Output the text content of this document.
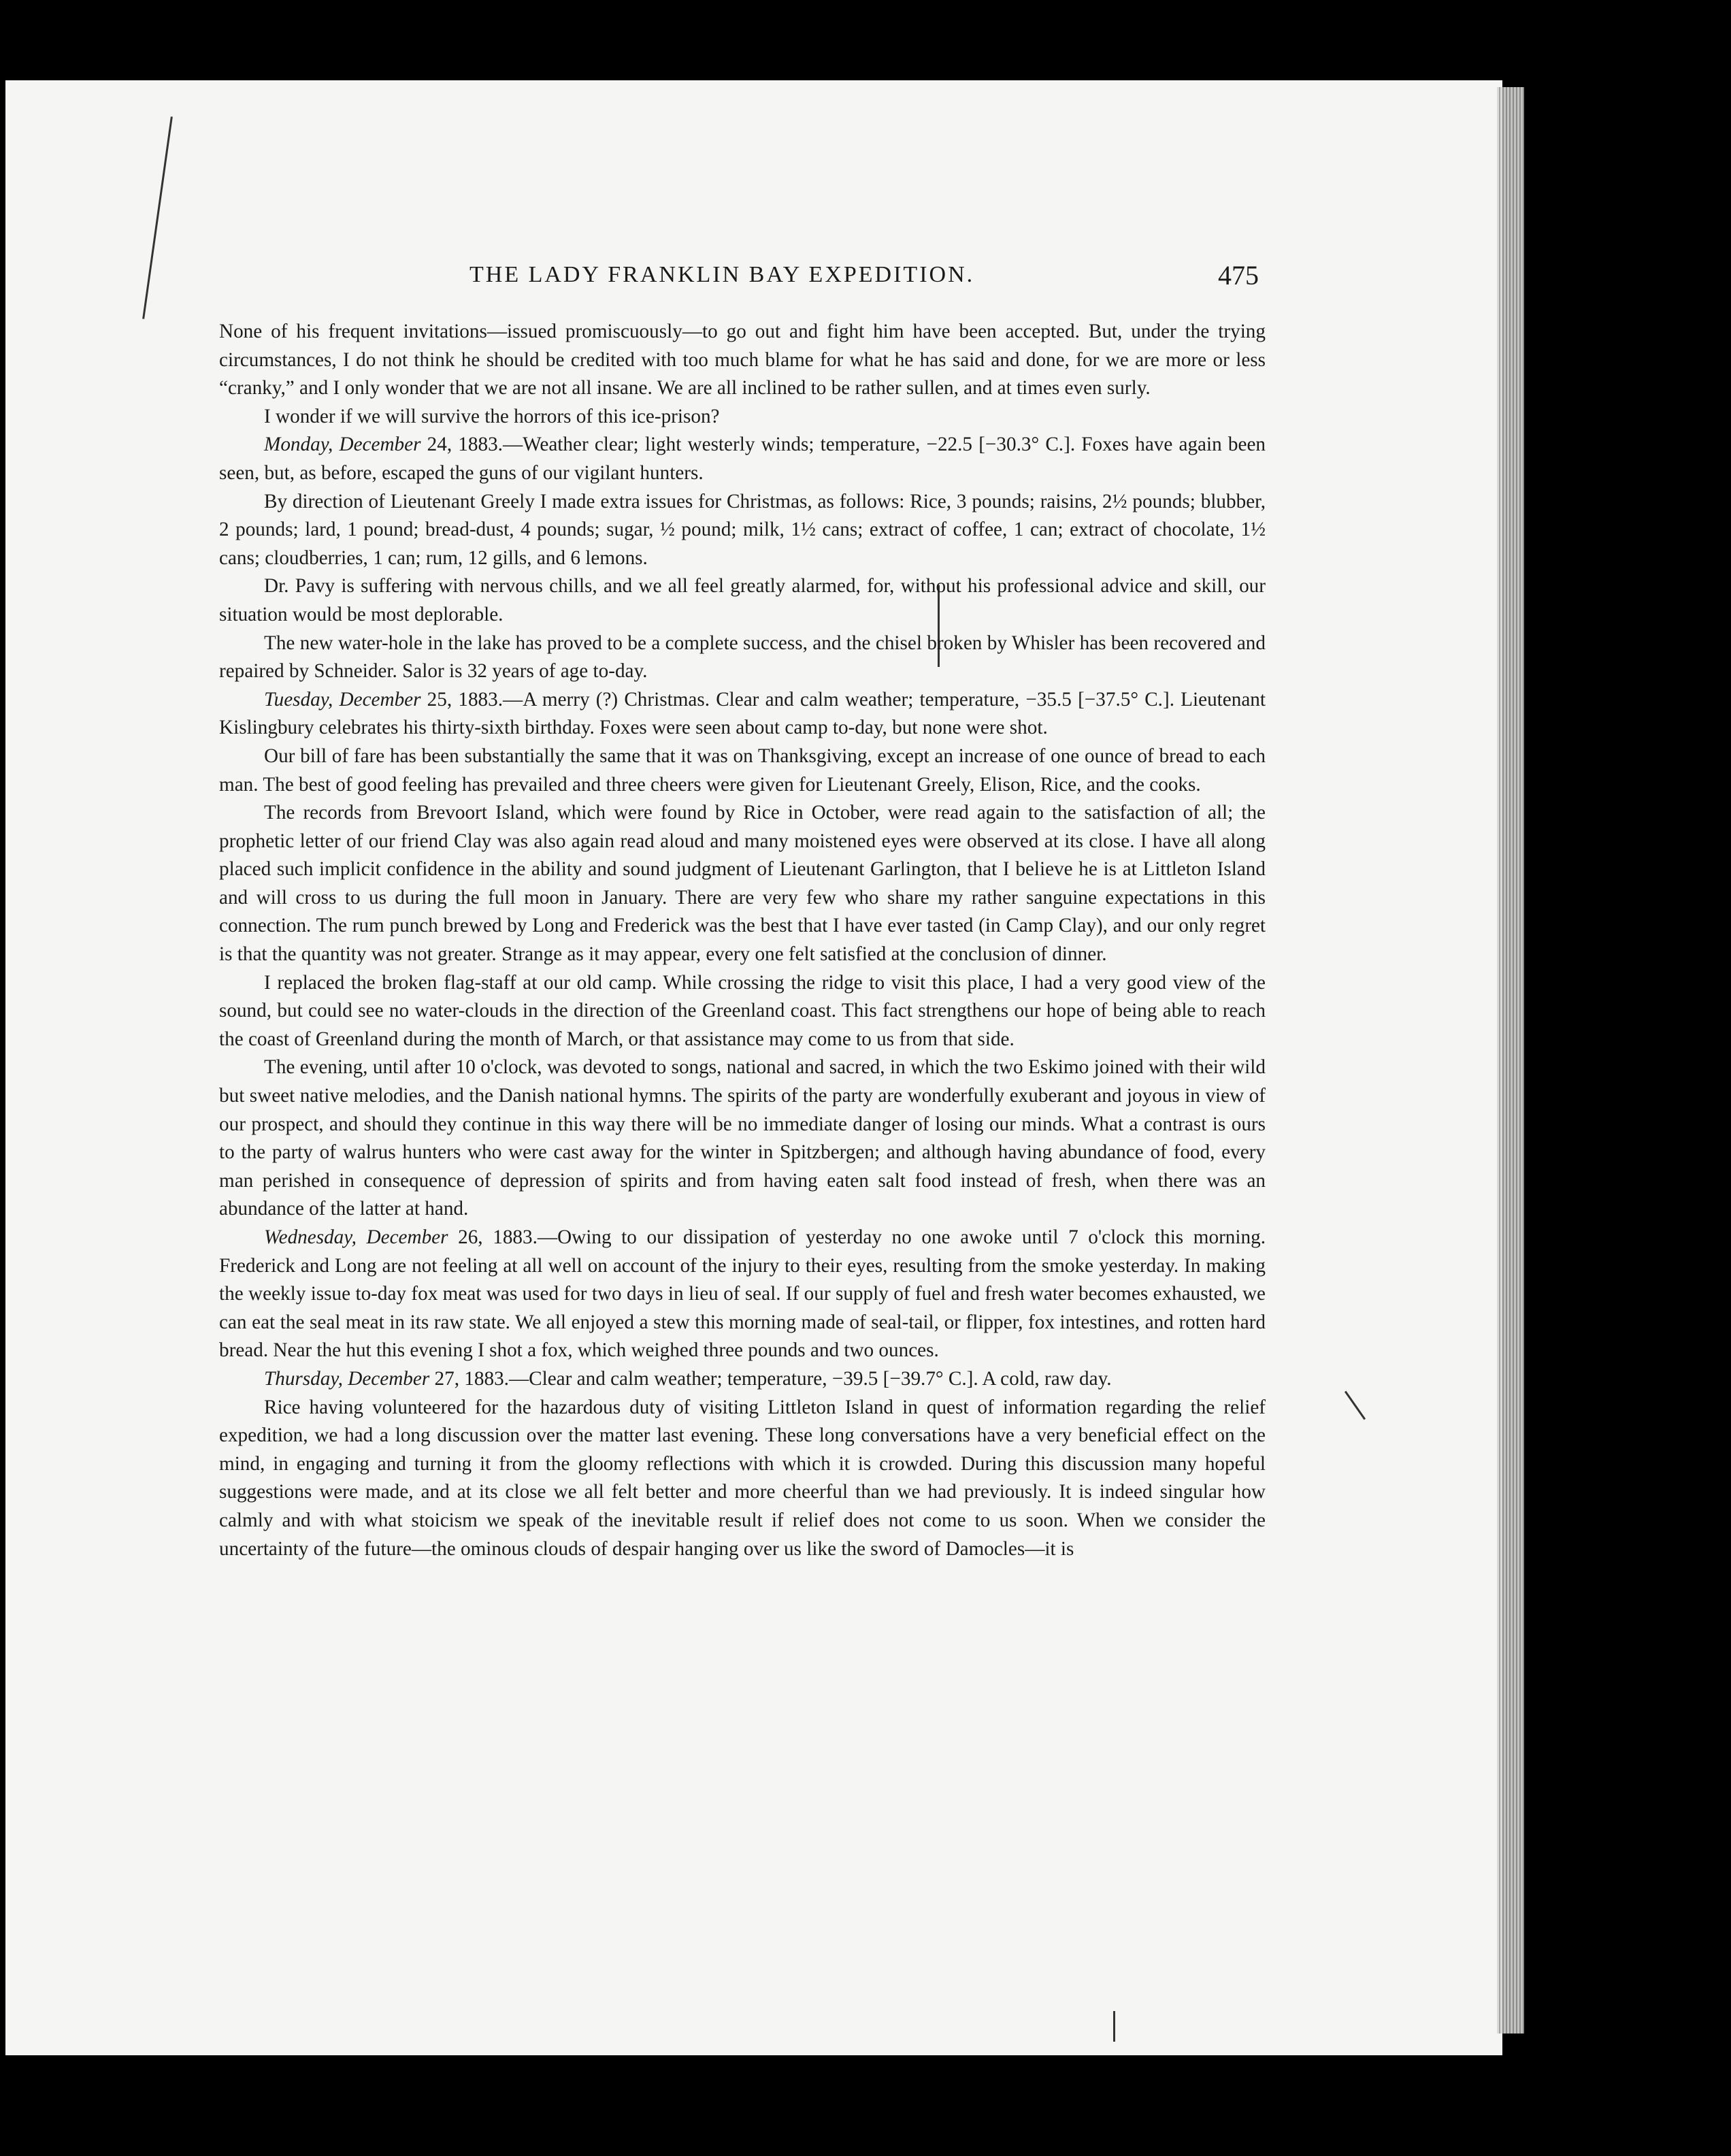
THE LADY FRANKLIN BAY EXPEDITION.	475

None of his frequent invitations—issued promiscuously—to go out and fight him have been accepted. But, under the trying circumstances, I do not think he should be credited with too much blame for what he has said and done, for we are more or less “cranky,” and I only wonder that we are not all insane. We are all inclined to be rather sullen, and at times even surly.

I wonder if we will survive the horrors of this ice-prison?

Monday, December 24, 1883.—Weather clear; light westerly winds; temperature, −22.5 [−30.3° C.]. Foxes have again been seen, but, as before, escaped the guns of our vigilant hunters.

By direction of Lieutenant Greely I made extra issues for Christmas, as follows: Rice, 3 pounds; raisins, 2½ pounds; blubber, 2 pounds; lard, 1 pound; bread-dust, 4 pounds; sugar, ½ pound; milk, 1½ cans; extract of coffee, 1 can; extract of chocolate, 1½ cans; cloudberries, 1 can; rum, 12 gills, and 6 lemons.

Dr. Pavy is suffering with nervous chills, and we all feel greatly alarmed, for, without his professional advice and skill, our situation would be most deplorable.

The new water-hole in the lake has proved to be a complete success, and the chisel broken by Whisler has been recovered and repaired by Schneider. Salor is 32 years of age to-day.

Tuesday, December 25, 1883.—A merry (?) Christmas. Clear and calm weather; temperature, −35.5 [−37.5° C.]. Lieutenant Kislingbury celebrates his thirty-sixth birthday. Foxes were seen about camp to-day, but none were shot.

Our bill of fare has been substantially the same that it was on Thanksgiving, except an increase of one ounce of bread to each man. The best of good feeling has prevailed and three cheers were given for Lieutenant Greely, Elison, Rice, and the cooks.

The records from Brevoort Island, which were found by Rice in October, were read again to the satisfaction of all; the prophetic letter of our friend Clay was also again read aloud and many moistened eyes were observed at its close. I have all along placed such implicit confidence in the ability and sound judgment of Lieutenant Garlington, that I believe he is at Littleton Island and will cross to us during the full moon in January. There are very few who share my rather sanguine expectations in this connection. The rum punch brewed by Long and Frederick was the best that I have ever tasted (in Camp Clay), and our only regret is that the quantity was not greater. Strange as it may appear, every one felt satisfied at the conclusion of dinner.

I replaced the broken flag-staff at our old camp. While crossing the ridge to visit this place, I had a very good view of the sound, but could see no water-clouds in the direction of the Greenland coast. This fact strengthens our hope of being able to reach the coast of Greenland during the month of March, or that assistance may come to us from that side.

The evening, until after 10 o'clock, was devoted to songs, national and sacred, in which the two Eskimo joined with their wild but sweet native melodies, and the Danish national hymns. The spirits of the party are wonderfully exuberant and joyous in view of our prospect, and should they continue in this way there will be no immediate danger of losing our minds. What a contrast is ours to the party of walrus hunters who were cast away for the winter in Spitzbergen; and although having abundance of food, every man perished in consequence of depression of spirits and from having eaten salt food instead of fresh, when there was an abundance of the latter at hand.

Wednesday, December 26, 1883.—Owing to our dissipation of yesterday no one awoke until 7 o'clock this morning. Frederick and Long are not feeling at all well on account of the injury to their eyes, resulting from the smoke yesterday. In making the weekly issue to-day fox meat was used for two days in lieu of seal. If our supply of fuel and fresh water becomes exhausted, we can eat the seal meat in its raw state. We all enjoyed a stew this morning made of seal-tail, or flipper, fox intestines, and rotten hard bread. Near the hut this evening I shot a fox, which weighed three pounds and two ounces.

Thursday, December 27, 1883.—Clear and calm weather; temperature, −39.5 [−39.7° C.]. A cold, raw day.

Rice having volunteered for the hazardous duty of visiting Littleton Island in quest of information regarding the relief expedition, we had a long discussion over the matter last evening. These long conversations have a very beneficial effect on the mind, in engaging and turning it from the gloomy reflections with which it is crowded. During this discussion many hopeful suggestions were made, and at its close we all felt better and more cheerful than we had previously. It is indeed singular how calmly and with what stoicism we speak of the inevitable result if relief does not come to us soon. When we consider the uncertainty of the future—the ominous clouds of despair hanging over us like the sword of Damocles—it is
